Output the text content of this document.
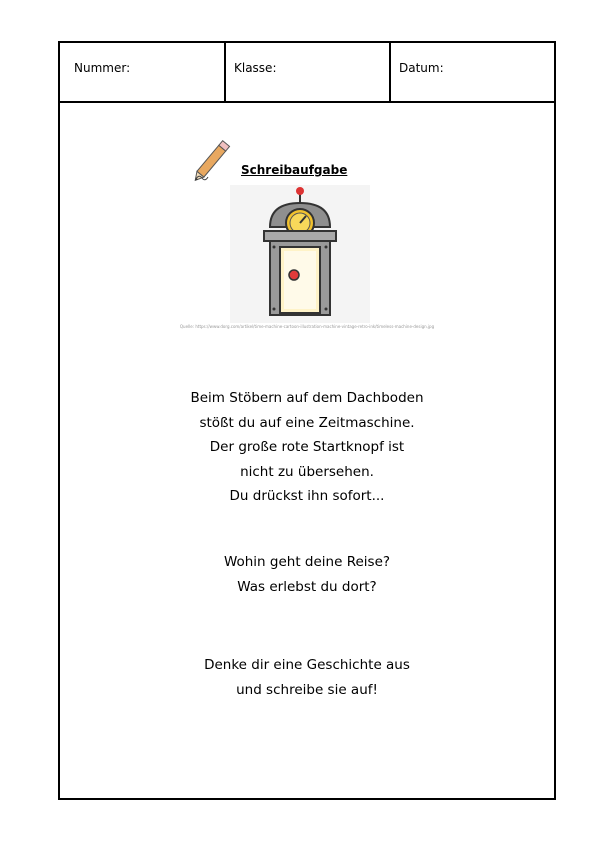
Nummer:	Klasse:	Datum:
Schreibaufgabe
Quelle: https://www.dorg.com/artikel/time-machine-cartoon-illustration-machine-vintage-retro-ink/timeless-machine-design.jpg
Beim Stöbern auf dem Dachboden
stößt du auf eine Zeitmaschine.
Der große rote Startknopf ist
nicht zu übersehen.
Du drückst ihn sofort...
Wohin geht deine Reise?
Was erlebst du dort?
Denke dir eine Geschichte aus
und schreibe sie auf!
